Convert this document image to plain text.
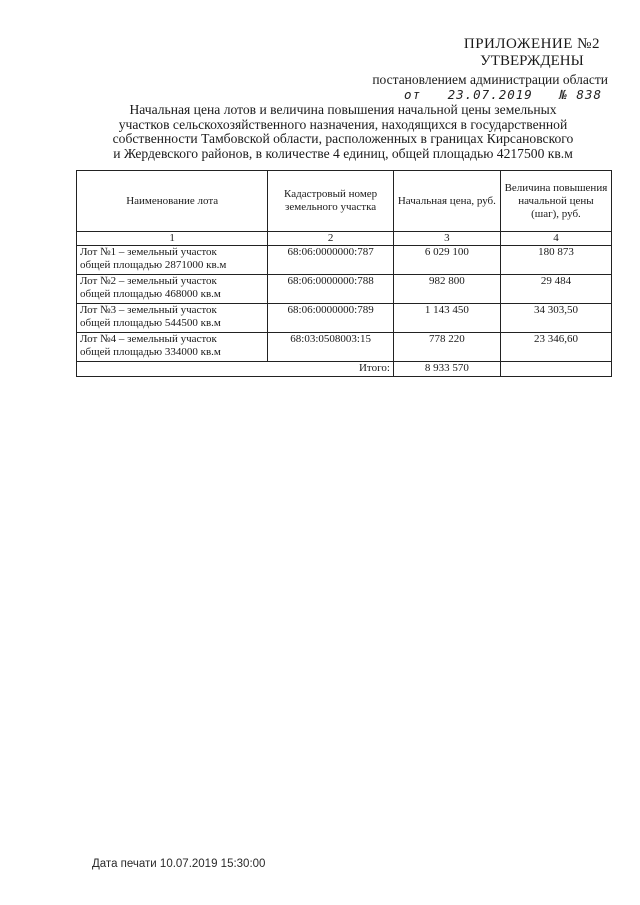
ПРИЛОЖЕНИЕ №2
УТВЕРЖДЕНЫ
постановлением администрации области
от 23.07.2019 № 838
Начальная цена лотов и величина повышения начальной цены земельных
участков сельскохозяйственного назначения, находящихся в государственной
собственности Тамбовской области, расположенных в границах Кирсановского
и Жердевского районов, в количестве 4 единиц, общей площадью 4217500 кв.м
Наименование лота	Кадастровый номер земельного участка	Начальная цена, руб.	Величина повышения начальной цены (шаг), руб.
1	2	3	4

Лот №1 – земельный участок
общей площадью 2871000 кв.м	68:06:0000000:787	6 029 100	180 873

Лот №2 – земельный участок
общей площадью 468000 кв.м	68:06:0000000:788	982 800	29 484

Лот №3 – земельный участок
общей площадью 544500 кв.м	68:06:0000000:789	1 143 450	34 303,50

Лот №4 – земельный участок
общей площадью 334000 кв.м	68:03:0508003:15	778 220	23 346,60
Итого:		8 933 570	
Дата печати 10.07.2019 15:30:00
